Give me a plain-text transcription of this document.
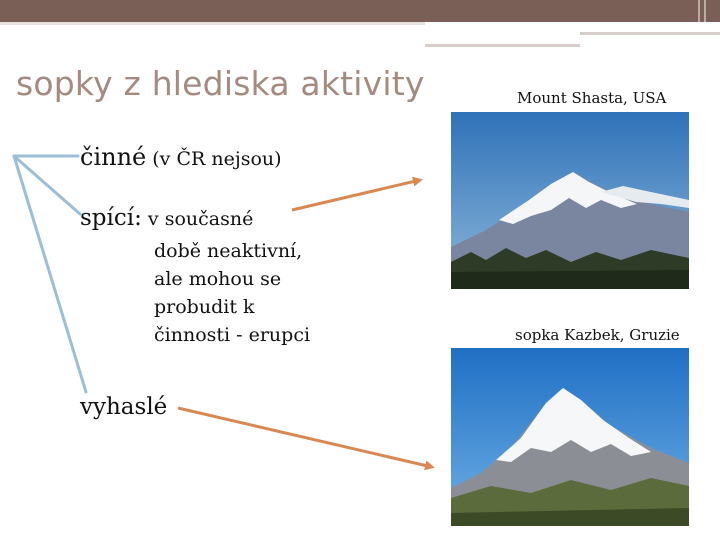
sopky z hlediska aktivity	Mount Shasta, USA
sopka Kazbek, Gruzie
činné (v ČR nejsou)
spící: v současné
době neaktivní,
ale mohou se
probudit k
činnosti - erupci
vyhaslé
